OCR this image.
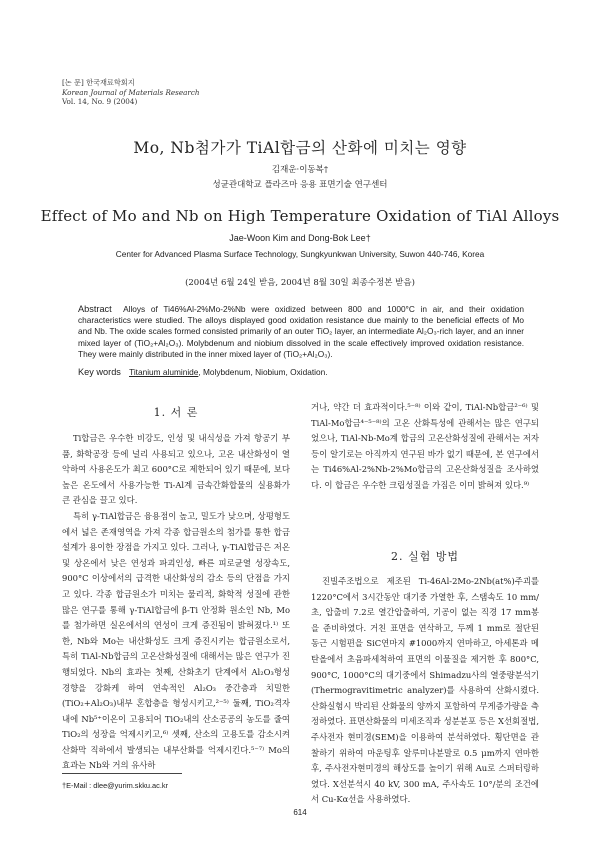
[논 문] 한국재료학회지
Korean Journal of Materials Research
Vol. 14, No. 9 (2004)
Mo, Nb첨가가 TiAl합금의 산화에 미치는 영향
김재운·이동복†
성균관대학교 플라즈마 응용 표면기술 연구센터
Effect of Mo and Nb on High Temperature Oxidation of TiAl Alloys
Jae-Woon Kim and Dong-Bok Lee†
Center for Advanced Plasma Surface Technology, Sungkyunkwan University, Suwon 440-746, Korea
(2004년 6월 24일 받음, 2004년 8월 30일 최종수정본 받음)
Abstract Alloys of Ti46%Al-2%Mo-2%Nb were oxidized between 800 and 1000°C in air, and their oxidation characteristics were studied. The alloys displayed good oxidation resistance due mainly to the beneficial effects of Mo and Nb. The oxide scales formed consisted primarily of an outer TiO₂ layer, an intermediate Al₂O₃-rich layer, and an inner mixed layer of (TiO₂+Al₂O₃). Molybdenum and niobium dissolved in the scale effectively improved oxidation resistance. They were mainly distributed in the inner mixed layer of (TiO₂+Al₂O₃).
Key words Titanium aluminide, Molybdenum, Niobium, Oxidation.
1. 서 론

Ti합금은 우수한 비강도, 인성 및 내식성을 가져 항공기 부품, 화학공장 등에 널리 사용되고 있으나, 고온 내산화성이 열악하여 사용온도가 최고 600°C로 제한되어 있기 때문에, 보다 높은 온도에서 사용가능한 Ti-Al계 금속간화합물의 실용화가 큰 관심을 끌고 있다.

특히 γ-TiAl합금은 융용점이 높고, 밀도가 낮으며, 상평형도에서 넓은 존재영역을 가져 각종 합금원소의 첨가를 통한 합금설계가 용이한 장점을 가지고 있다. 그러나, γ-TiAl합금은 저온 및 상온에서 낮은 연성과 파괴인성, 빠른 피로균열 성장속도, 900°C 이상에서의 급격한 내산화성의 감소 등의 단점을 가지고 있다. 각종 합금원소가 미치는 물리적, 화학적 성질에 관한 많은 연구를 통해 γ-TiAl합금에 β-Ti 안정화 원소인 Nb, Mo를 첨가하면 실온에서의 연성이 크게 증진됨이 밝혀졌다.¹⁾ 또한, Nb와 Mo는 내산화성도 크게 증진시키는 합금원소로서, 특히 TiAl-Nb합금의 고온산화성질에 대해서는 많은 연구가 진행되었다. Nb의 효과는 첫째, 산화초기 단계에서 Al₂O₃형성 경향을 강화케 하여 연속적인 Al₂O₃ 중간층과 치밀한 (TiO₂+Al₂O₃)내부 혼합층을 형성시키고,²⁻⁵⁾ 둘째, TiO₂격자내에 Nb⁵⁺이온이 고용되어 TiO₂내의 산소공공의 농도를 줄여 TiO₂의 성장을 억제시키고,⁶⁾ 셋째, 산소의 고용도를 감소시켜 산화막 직하에서 발생되는 내부산화를 억제시킨다.⁵⁻⁷⁾ Mo의 효과는 Nb와 거의 유사하

거나, 약간 더 효과적이다.⁵⁻⁸⁾ 이와 같이, TiAl-Nb합금²⁻⁶⁾ 및 TiAl-Mo합금⁴⁻⁵⁻⁸⁾의 고온 산화특성에 관해서는 많은 연구되었으나, TiAl-Nb-Mo계 합금의 고온산화성질에 관해서는 저자 등이 알기로는 아직까지 연구된 바가 없기 때문에, 본 연구에서는 Ti46%Al-2%Nb-2%Mo합금의 고온산화성질을 조사하였다. 이 합금은 우수한 크립성질을 가짐은 이미 밝혀져 있다.⁹⁾

2. 실험 방법

진빌주조법으로 제조된 Ti-46Al-2Mo-2Nb(at%)주괴를 1220°C에서 3시간동안 대기중 가열한 후, 스탬속도 10 mm/초, 압출비 7.2로 열간압출하여, 기공이 없는 직경 17 mm봉을 준비하였다. 거친 표면을 연삭하고, 두께 1 mm로 절단된 동근 시험편을 SiC연마지 #1000까지 연마하고, 아세톤과 메탄올에서 초음파세척하여 표면의 이물질을 제거한 후 800°C, 900°C, 1000°C의 대기중에서 Shimadzu사의 열중량분석기(Thermogravitimetric analyzer)를 사용하여 산화시켰다. 산화실험시 박리된 산화물의 양까지 포함하여 무게증가량을 측정하였다. 표면산화물의 미세조직과 성분분포 등은 X선회절법, 주사전자 현미경(SEM)을 이용하여 분석하였다. 횡단면을 관찰하기 위하여 마운팅후 알루미나분말로 0.5 μm까지 연마한 후, 주사전자현미경의 해상도를 높이기 위해 Au로 스퍼터링하였다. X선분석시 40 kV, 300 mA, 주사속도 10°/분의 조건에서 Cu-Kα선을 사용하였다.

†E-Mail : dlee@yurim.skku.ac.kr
614
